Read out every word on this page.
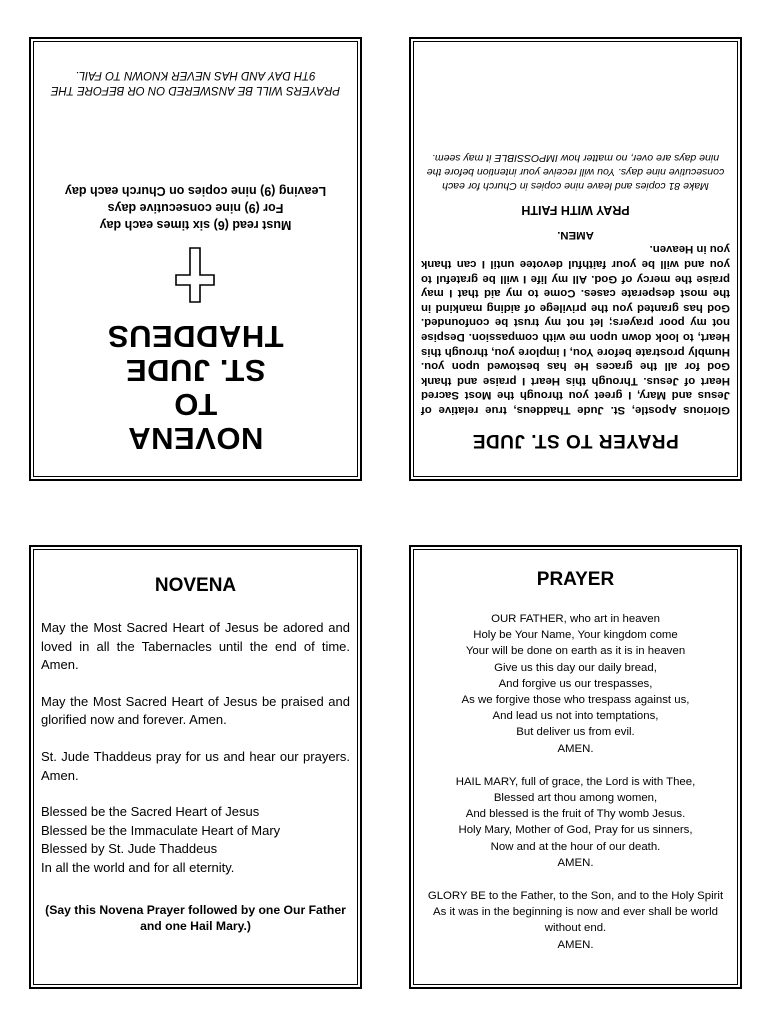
NOVENA
TO
ST. JUDE THADDEUS
Must read (6) six times each day
For (9) nine consecutive days
Leaving (9) nine copies on Church each day
PRAYERS WILL BE ANSWERED ON OR BEFORE THE 9TH DAY AND HAS NEVER KNOWN TO FAIL.
PRAYER TO ST. JUDE

Glorious Apostle, St. Jude Thaddeus, true relative of Jesus and Mary, I greet you through the Most Sacred Heart of Jesus. Through this Heart I praise and thank God for all the graces He has bestowed upon you. Humbly prostrate before You, I implore you, through this Heart, to look down upon me with compassion. Despise not my poor prayers; let not my trust be confounded. God has granted you the privilege of aiding mankind in the most desperate cases. Come to my aid that I may praise the mercy of God. All my life I will be grateful to you and will be your faithful devotee until I can thank you in Heaven.

AMEN.
PRAY WITH FAITH
Make 81 copies and leave nine copies in Church for each consecutive nine days. You will receive your intention before the nine days are over, no matter how IMPOSSIBLE it may seem.
NOVENA

May the Most Sacred Heart of Jesus be adored and loved in all the Tabernacles until the end of time. Amen.

May the Most Sacred Heart of Jesus be praised and glorified now and forever. Amen.

St. Jude Thaddeus pray for us and hear our prayers. Amen.

Blessed be the Sacred Heart of Jesus
Blessed be the Immaculate Heart of Mary
Blessed by St. Jude Thaddeus
In all the world and for all eternity.
(Say this Novena Prayer followed by one Our Father and one Hail Mary.)
PRAYER
OUR FATHER, who art in heaven
Holy be Your Name, Your kingdom come
Your will be done on earth as it is in heaven
Give us this day our daily bread,
And forgive us our trespasses,
As we forgive those who trespass against us,
And lead us not into temptations,
But deliver us from evil.
AMEN.
HAIL MARY, full of grace, the Lord is with Thee,
Blessed art thou among women,
And blessed is the fruit of Thy womb Jesus.
Holy Mary, Mother of God, Pray for us sinners,
Now and at the hour of our death.
AMEN.
GLORY BE to the Father, to the Son, and to the Holy Spirit
As it was in the beginning is now and ever shall be world
without end.
AMEN.
